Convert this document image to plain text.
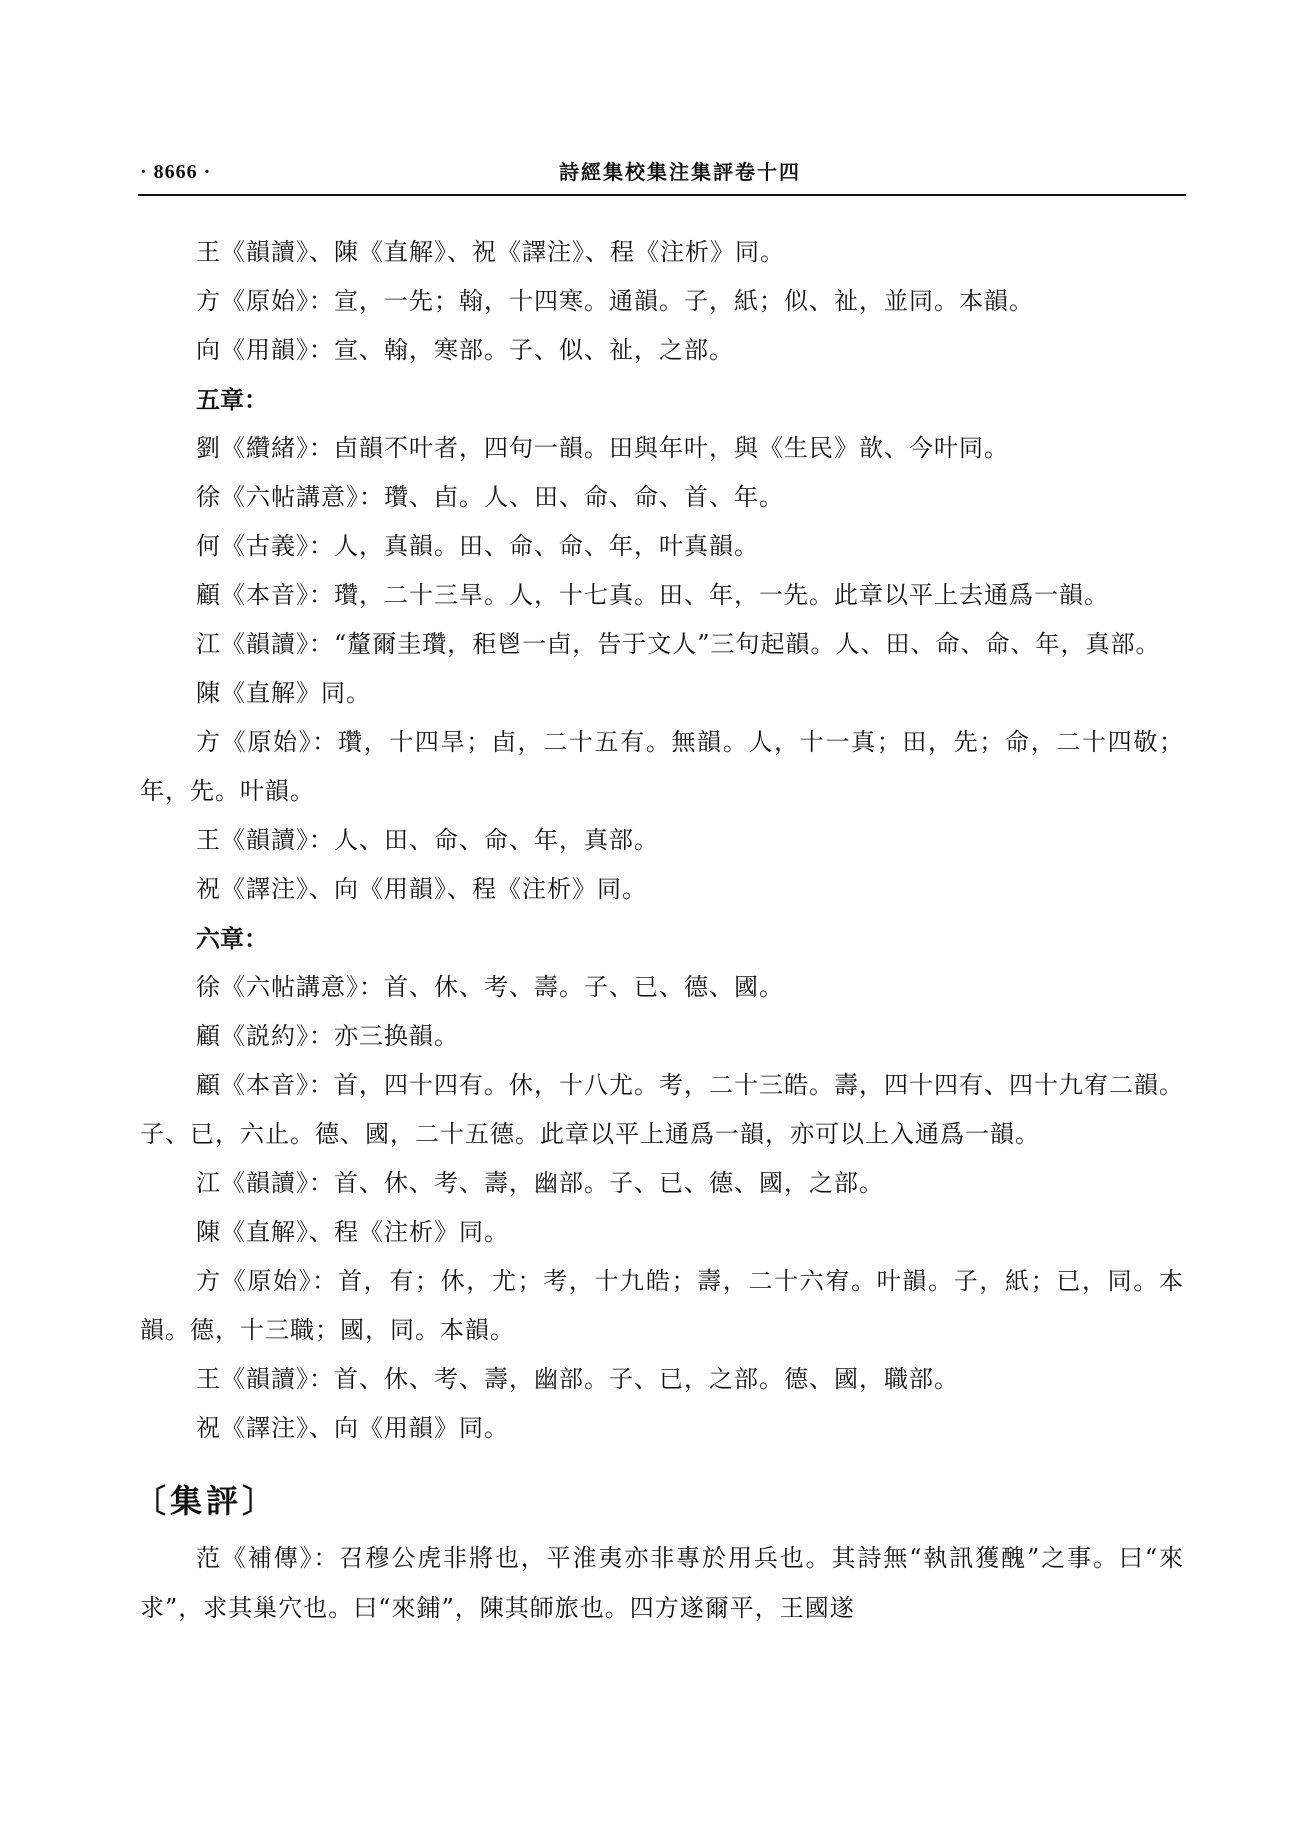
· 8666 ·	詩經集校集注集評卷十四

王《韻讀》、陳《直解》、祝《譯注》、程《注析》同。

方《原始》：宣，一先；翰，十四寒。通韻。子，紙；似、祉，並同。本韻。

向《用韻》：宣、翰，寒部。子、似、祉，之部。

五章：

劉《纘緒》：卣韻不叶者，四句一韻。田與年叶，與《生民》歆、今叶同。

徐《六帖講意》：瓚、卣。人、田、命、命、首、年。

何《古義》：人，真韻。田、命、命、年，叶真韻。

顧《本音》：瓚，二十三旱。人，十七真。田、年，一先。此章以平上去通爲一韻。

江《韻讀》：“釐爾圭瓚，秬鬯一卣，告于文人”三句起韻。人、田、命、命、年，真部。

陳《直解》同。

方《原始》：瓚，十四旱；卣，二十五有。無韻。人，十一真；田，先；命，二十四敬；年，先。叶韻。

王《韻讀》：人、田、命、命、年，真部。

祝《譯注》、向《用韻》、程《注析》同。

六章：

徐《六帖講意》：首、休、考、壽。子、已、德、國。

顧《説約》：亦三换韻。

顧《本音》：首，四十四有。休，十八尤。考，二十三皓。壽，四十四有、四十九宥二韻。子、已，六止。德、國，二十五德。此章以平上通爲一韻，亦可以上入通爲一韻。

江《韻讀》：首、休、考、壽，幽部。子、已、德、國，之部。

陳《直解》、程《注析》同。

方《原始》：首，有；休，尤；考，十九皓；壽，二十六宥。叶韻。子，紙；已，同。本韻。德，十三職；國，同。本韻。

王《韻讀》：首、休、考、壽，幽部。子、已，之部。德、國，職部。

祝《譯注》、向《用韻》同。

〔集評〕

范《補傳》：召穆公虎非將也，平淮夷亦非專於用兵也。其詩無“執訊獲醜”之事。曰“來求”，求其巢穴也。曰“來鋪”，陳其師旅也。四方遂爾平，王國遂
